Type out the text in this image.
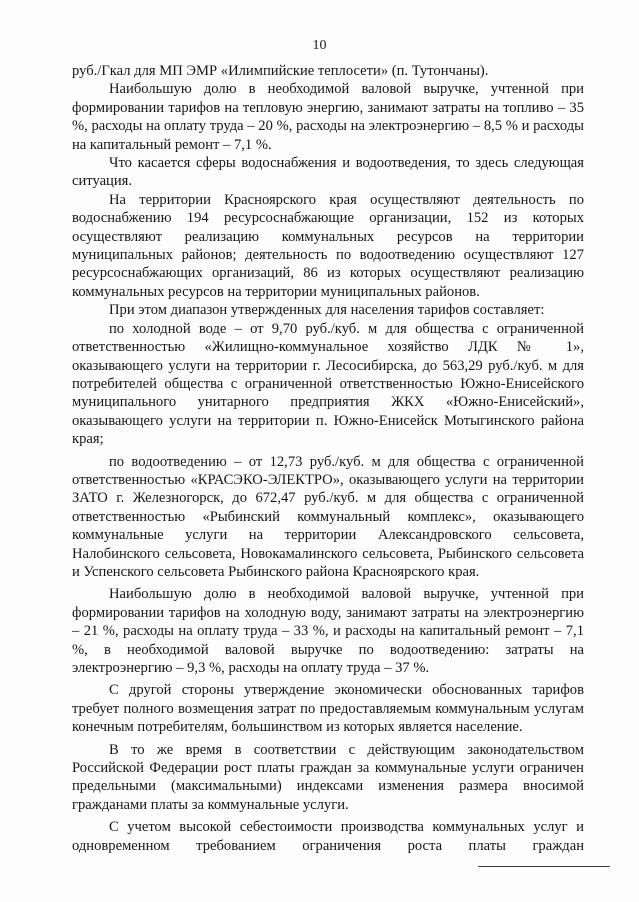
10

руб./Гкал для МП ЭМР «Илимпийские теплосети» (п. Тутончаны).

Наибольшую долю в необходимой валовой выручке, учтенной при формировании тарифов на тепловую энергию, занимают затраты на топливо – 35 %, расходы на оплату труда – 20 %, расходы на электроэнергию – 8,5 % и расходы на капитальный ремонт – 7,1 %.

Что касается сферы водоснабжения и водоотведения, то здесь следующая ситуация.

На территории Красноярского края осуществляют деятельность по водоснабжению 194 ресурсоснабжающие организации, 152 из которых осуществляют реализацию коммунальных ресурсов на территории муниципальных районов; деятельность по водоотведению осуществляют 127 ресурсоснабжающих организаций, 86 из которых осуществляют реализацию коммунальных ресурсов на территории муниципальных районов.

При этом диапазон утвержденных для населения тарифов составляет:

по холодной воде – от 9,70 руб./куб. м для общества с ограниченной ответственностью «Жилищно-коммунальное хозяйство ЛДК № 1», оказывающего услуги на территории г. Лесосибирска, до 563,29 руб./куб. м для потребителей общества с ограниченной ответственностью Южно-Енисейского муниципального унитарного предприятия ЖКХ «Южно-Енисейский», оказывающего услуги на территории п. Южно-Енисейск Мотыгинского района края;

по водоотведению – от 12,73 руб./куб. м для общества с ограниченной ответственностью «КРАСЭКО-ЭЛЕКТРО», оказывающего услуги на территории ЗАТО г. Железногорск, до 672,47 руб./куб. м для общества с ограниченной ответственностью «Рыбинский коммунальный комплекс», оказывающего коммунальные услуги на территории Александровского сельсовета, Налобинского сельсовета, Новокамалинского сельсовета, Рыбинского сельсовета и Успенского сельсовета Рыбинского района Красноярского края.

Наибольшую долю в необходимой валовой выручке, учтенной при формировании тарифов на холодную воду, занимают затраты на электроэнергию – 21 %, расходы на оплату труда – 33 %, и расходы на капитальный ремонт – 7,1 %, в необходимой валовой выручке по водоотведению: затраты на электроэнергию – 9,3 %, расходы на оплату труда – 37 %.

С другой стороны утверждение экономически обоснованных тарифов требует полного возмещения затрат по предоставляемым коммунальным услугам конечным потребителям, большинством из которых является население.

В то же время в соответствии с действующим законодательством Российской Федерации рост платы граждан за коммунальные услуги ограничен предельными (максимальными) индексами изменения размера вносимой гражданами платы за коммунальные услуги.

С учетом высокой себестоимости производства коммунальных услуг и одновременном требованием ограничения роста платы граждан
